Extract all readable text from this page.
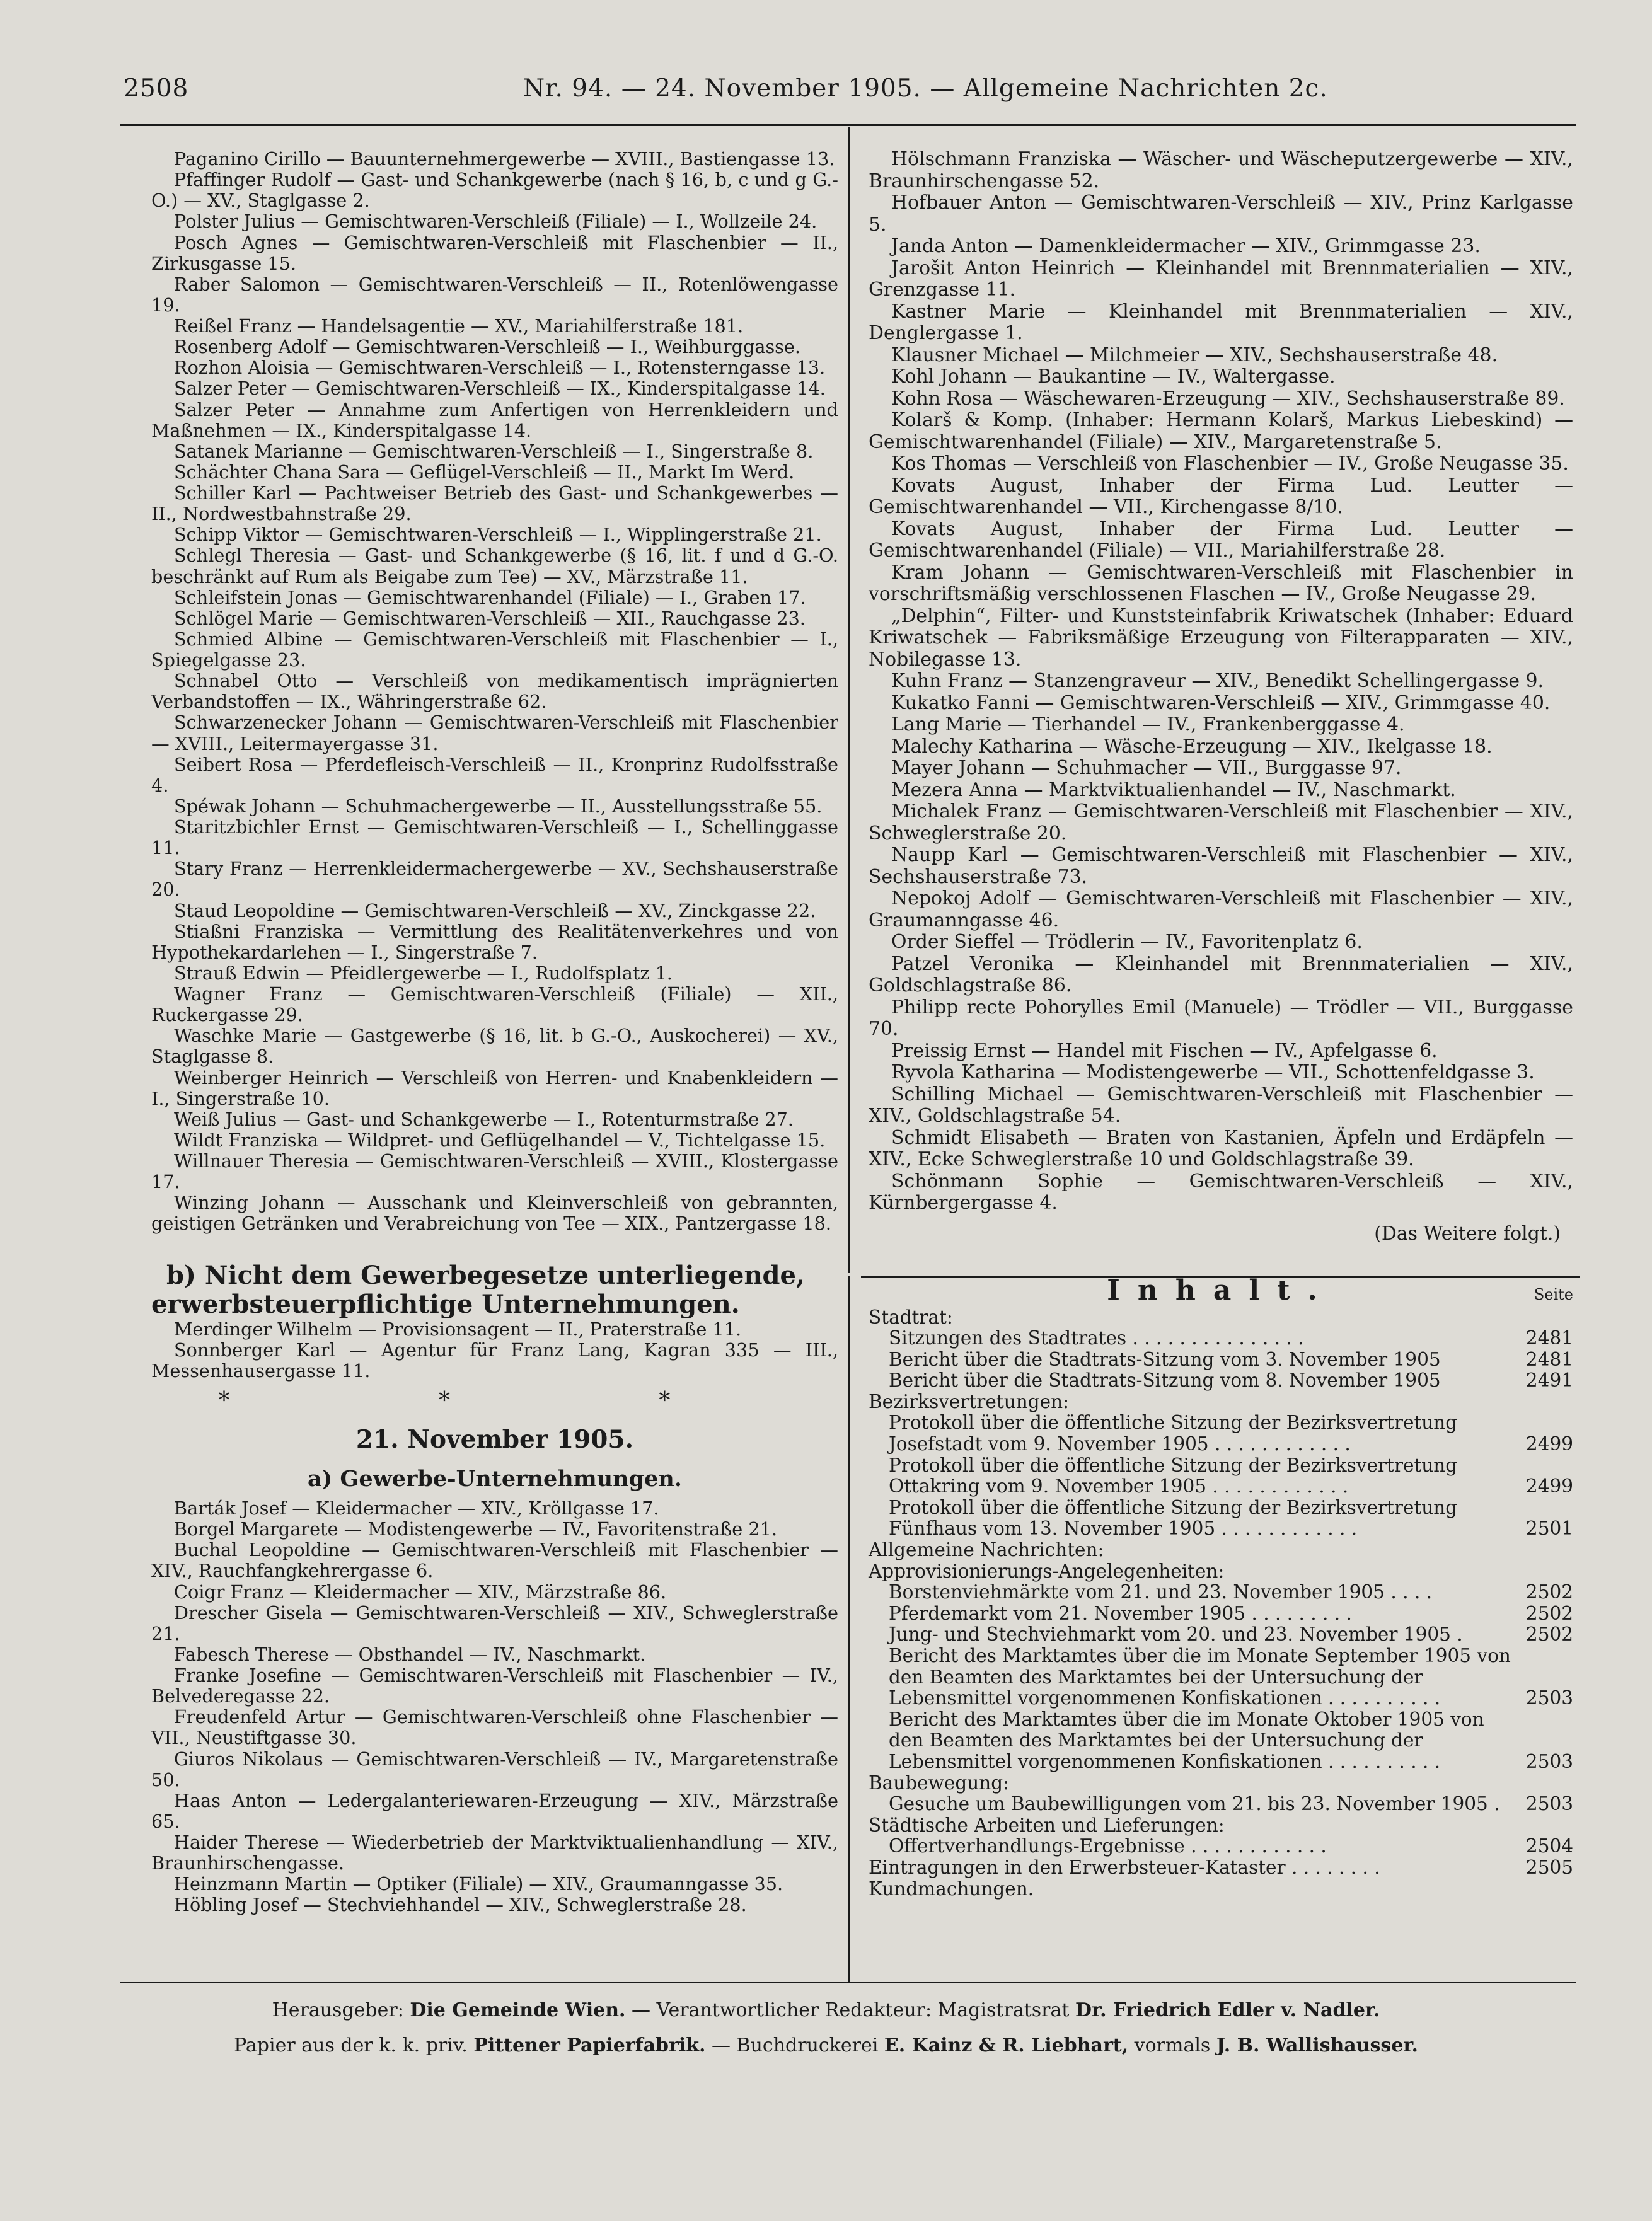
2508	Nr. 94. — 24. November 1905. — Allgemeine Nachrichten 2c.

Paganino Cirillo — Bauunternehmergewerbe — XVIII., Bastiengasse 13.

Pfaffinger Rudolf — Gast- und Schankgewerbe (nach § 16, b, c und g G.-O.) — XV., Staglgasse 2.

Polster Julius — Gemischtwaren-Verschleiß (Filiale) — I., Wollzeile 24.

Posch Agnes — Gemischtwaren-Verschleiß mit Flaschenbier — II., Zirkusgasse 15.

Raber Salomon — Gemischtwaren-Verschleiß — II., Rotenlöwengasse 19.

Reißel Franz — Handelsagentie — XV., Mariahilferstraße 181.

Rosenberg Adolf — Gemischtwaren-Verschleiß — I., Weihburggasse.

Rozhon Aloisia — Gemischtwaren-Verschleiß — I., Rotensterngasse 13.

Salzer Peter — Gemischtwaren-Verschleiß — IX., Kinderspitalgasse 14.

Salzer Peter — Annahme zum Anfertigen von Herrenkleidern und Maßnehmen — IX., Kinderspitalgasse 14.

Satanek Marianne — Gemischtwaren-Verschleiß — I., Singerstraße 8.

Schächter Chana Sara — Geflügel-Verschleiß — II., Markt Im Werd.

Schiller Karl — Pachtweiser Betrieb des Gast- und Schankgewerbes — II., Nordwestbahnstraße 29.

Schipp Viktor — Gemischtwaren-Verschleiß — I., Wipplingerstraße 21.

Schlegl Theresia — Gast- und Schankgewerbe (§ 16, lit. f und d G.-O. beschränkt auf Rum als Beigabe zum Tee) — XV., Märzstraße 11.

Schleifstein Jonas — Gemischtwarenhandel (Filiale) — I., Graben 17.

Schlögel Marie — Gemischtwaren-Verschleiß — XII., Rauchgasse 23.

Schmied Albine — Gemischtwaren-Verschleiß mit Flaschenbier — I., Spiegelgasse 23.

Schnabel Otto — Verschleiß von medikamentisch imprägnierten Verbandstoffen — IX., Währingerstraße 62.

Schwarzenecker Johann — Gemischtwaren-Verschleiß mit Flaschenbier — XVIII., Leitermayergasse 31.

Seibert Rosa — Pferdefleisch-Verschleiß — II., Kronprinz Rudolfsstraße 4.

Spéwak Johann — Schuhmachergewerbe — II., Ausstellungsstraße 55.

Staritzbichler Ernst — Gemischtwaren-Verschleiß — I., Schellinggasse 11.

Stary Franz — Herrenkleidermachergewerbe — XV., Sechshauserstraße 20.

Staud Leopoldine — Gemischtwaren-Verschleiß — XV., Zinckgasse 22.

Stiaßni Franziska — Vermittlung des Realitätenverkehres und von Hypothekardarlehen — I., Singerstraße 7.

Strauß Edwin — Pfeidlergewerbe — I., Rudolfsplatz 1.

Wagner Franz — Gemischtwaren-Verschleiß (Filiale) — XII., Ruckergasse 29.

Waschke Marie — Gastgewerbe (§ 16, lit. b G.-O., Auskocherei) — XV., Staglgasse 8.

Weinberger Heinrich — Verschleiß von Herren- und Knabenkleidern — I., Singerstraße 10.

Weiß Julius — Gast- und Schankgewerbe — I., Rotenturmstraße 27.

Wildt Franziska — Wildpret- und Geflügelhandel — V., Tichtelgasse 15.

Willnauer Theresia — Gemischtwaren-Verschleiß — XVIII., Klostergasse 17.

Winzing Johann — Ausschank und Kleinverschleiß von gebrannten, geistigen Getränken und Verabreichung von Tee — XIX., Pantzergasse 18.

b) Nicht dem Gewerbegesetze unterliegende, erwerbsteuerpflichtige Unternehmungen.

Merdinger Wilhelm — Provisionsagent — II., Praterstraße 11.

Sonnberger Karl — Agentur für Franz Lang, Kagran 335 — III., Messenhausergasse 11.

* * *

21. November 1905.

a) Gewerbe-Unternehmungen.

Barták Josef — Kleidermacher — XIV., Kröllgasse 17.

Borgel Margarete — Modistengewerbe — IV., Favoritenstraße 21.

Buchal Leopoldine — Gemischtwaren-Verschleiß mit Flaschenbier — XIV., Rauchfangkehrergasse 6.

Coigr Franz — Kleidermacher — XIV., Märzstraße 86.

Drescher Gisela — Gemischtwaren-Verschleiß — XIV., Schweglerstraße 21.

Fabesch Therese — Obsthandel — IV., Naschmarkt.

Franke Josefine — Gemischtwaren-Verschleiß mit Flaschenbier — IV., Belvederegasse 22.

Freudenfeld Artur — Gemischtwaren-Verschleiß ohne Flaschenbier — VII., Neustiftgasse 30.

Giuros Nikolaus — Gemischtwaren-Verschleiß — IV., Margaretenstraße 50.

Haas Anton — Ledergalanteriewaren-Erzeugung — XIV., Märzstraße 65.

Haider Therese — Wiederbetrieb der Marktviktualienhandlung — XIV., Braunhirschengasse.

Heinzmann Martin — Optiker (Filiale) — XIV., Graumanngasse 35.

Höbling Josef — Stechviehhandel — XIV., Schweglerstraße 28.

Hölschmann Franziska — Wäscher- und Wäscheputzergewerbe — XIV., Braunhirschengasse 52.

Hofbauer Anton — Gemischtwaren-Verschleiß — XIV., Prinz Karlgasse 5.

Janda Anton — Damenkleidermacher — XIV., Grimmgasse 23.

Jarošit Anton Heinrich — Kleinhandel mit Brennmaterialien — XIV., Grenzgasse 11.

Kastner Marie — Kleinhandel mit Brennmaterialien — XIV., Denglergasse 1.

Klausner Michael — Milchmeier — XIV., Sechshauserstraße 48.

Kohl Johann — Baukantine — IV., Waltergasse.

Kohn Rosa — Wäschewaren-Erzeugung — XIV., Sechshauserstraße 89.

Kolarš & Komp. (Inhaber: Hermann Kolarš, Markus Liebeskind) — Gemischtwarenhandel (Filiale) — XIV., Margaretenstraße 5.

Kos Thomas — Verschleiß von Flaschenbier — IV., Große Neugasse 35.

Kovats August, Inhaber der Firma Lud. Leutter — Gemischtwarenhandel — VII., Kirchengasse 8/10.

Kovats August, Inhaber der Firma Lud. Leutter — Gemischtwarenhandel (Filiale) — VII., Mariahilferstraße 28.

Kram Johann — Gemischtwaren-Verschleiß mit Flaschenbier in vorschriftsmäßig verschlossenen Flaschen — IV., Große Neugasse 29.

„Delphin“, Filter- und Kunststeinfabrik Kriwatschek (Inhaber: Eduard Kriwatschek — Fabriksmäßige Erzeugung von Filterapparaten — XIV., Nobilegasse 13.

Kuhn Franz — Stanzengraveur — XIV., Benedikt Schellingergasse 9.

Kukatko Fanni — Gemischtwaren-Verschleiß — XIV., Grimmgasse 40.

Lang Marie — Tierhandel — IV., Frankenberggasse 4.

Malechy Katharina — Wäsche-Erzeugung — XIV., Ikelgasse 18.

Mayer Johann — Schuhmacher — VII., Burggasse 97.

Mezera Anna — Marktviktualienhandel — IV., Naschmarkt.

Michalek Franz — Gemischtwaren-Verschleiß mit Flaschenbier — XIV., Schweglerstraße 20.

Naupp Karl — Gemischtwaren-Verschleiß mit Flaschenbier — XIV., Sechshauserstraße 73.

Nepokoj Adolf — Gemischtwaren-Verschleiß mit Flaschenbier — XIV., Graumanngasse 46.

Order Sieffel — Trödlerin — IV., Favoritenplatz 6.

Patzel Veronika — Kleinhandel mit Brennmaterialien — XIV., Goldschlagstraße 86.

Philipp recte Pohorylles Emil (Manuele) — Trödler — VII., Burggasse 70.

Preissig Ernst — Handel mit Fischen — IV., Apfelgasse 6.

Ryvola Katharina — Modistengewerbe — VII., Schottenfeldgasse 3.

Schilling Michael — Gemischtwaren-Verschleiß mit Flaschenbier — XIV., Goldschlagstraße 54.

Schmidt Elisabeth — Braten von Kastanien, Äpfeln und Erdäpfeln — XIV., Ecke Schweglerstraße 10 und Goldschlagstraße 39.

Schönmann Sophie — Gemischtwaren-Verschleiß — XIV., Kürnbergergasse 4.

(Das Weitere folgt.)
Inhalt.	Seite
Stadtrat:
Sitzungen des Stadtrates . . . . . . . . . . . . . . .	2481
Bericht über die Stadtrats-Sitzung vom 3. November 1905	2481
Bericht über die Stadtrats-Sitzung vom 8. November 1905	2491
Bezirksvertretungen:
Protokoll über die öffentliche Sitzung der Bezirksvertretung Josefstadt vom 9. November 1905 . . . . . . . . . . . .	2499
Protokoll über die öffentliche Sitzung der Bezirksvertretung Ottakring vom 9. November 1905 . . . . . . . . . . . .	2499
Protokoll über die öffentliche Sitzung der Bezirksvertretung Fünfhaus vom 13. November 1905 . . . . . . . . . . . .	2501
Allgemeine Nachrichten:
Approvisionierungs-Angelegenheiten:
Borstenviehmärkte vom 21. und 23. November 1905 . . . .	2502
Pferdemarkt vom 21. November 1905 . . . . . . . . .	2502
Jung- und Stechviehmarkt vom 20. und 23. November 1905 .	2502
Bericht des Marktamtes über die im Monate September 1905 von den Beamten des Marktamtes bei der Untersuchung der Lebensmittel vorgenommenen Konfiskationen . . . . . . . . . .	2503
Bericht des Marktamtes über die im Monate Oktober 1905 von den Beamten des Marktamtes bei der Untersuchung der Lebensmittel vorgenommenen Konfiskationen . . . . . . . . . .	2503
Baubewegung:
Gesuche um Baubewilligungen vom 21. bis 23. November 1905 .	2503
Städtische Arbeiten und Lieferungen:
Offertverhandlungs-Ergebnisse . . . . . . . . . . . .	2504
Eintragungen in den Erwerbsteuer-Kataster . . . . . . . .	2505
Kundmachungen.
Herausgeber: Die Gemeinde Wien. — Verantwortlicher Redakteur: Magistratsrat Dr. Friedrich Edler v. Nadler.
Papier aus der k. k. priv. Pittener Papierfabrik. — Buchdruckerei E. Kainz & R. Liebhart, vormals J. B. Wallishausser.
